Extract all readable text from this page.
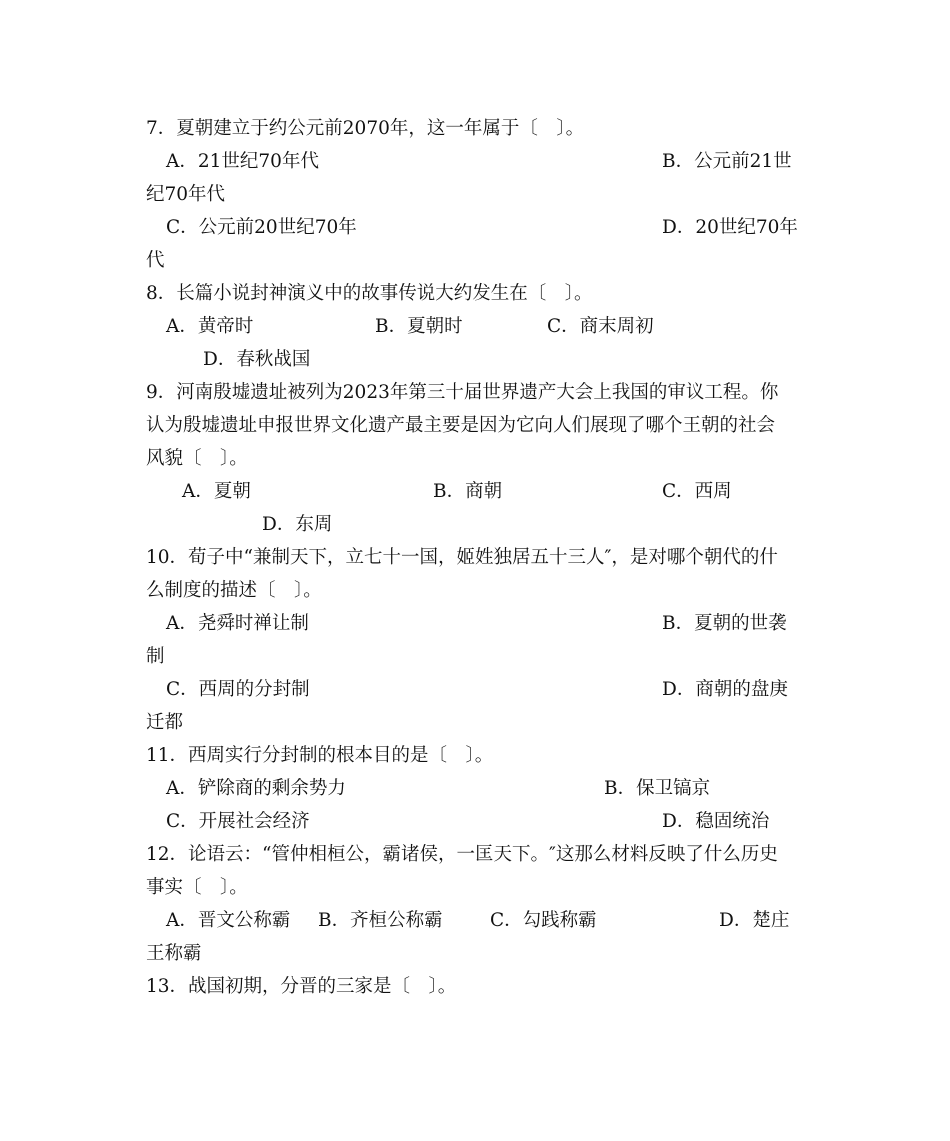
7．夏朝建立于约公元前2070年，这一年属于〔　〕。
A．21世纪70年代	B．公元前21世
纪70年代
C．公元前20世纪70年	D．20世纪70年
代
8．长篇小说封神演义中的故事传说大约发生在〔　〕。
A．黄帝时	B．夏朝时	C．商末周初
D．春秋战国
9．河南殷墟遗址被列为2023年第三十届世界遗产大会上我国的审议工程。你
认为殷墟遗址申报世界文化遗产最主要是因为它向人们展现了哪个王朝的社会
风貌〔　〕。
A．夏朝	B．商朝	C．西周
D．东周
10．荀子中“兼制天下，立七十一国，姬姓独居五十三人″，是对哪个朝代的什
么制度的描述〔　〕。
A．尧舜时禅让制	B．夏朝的世袭
制
C．西周的分封制	D．商朝的盘庚
迁都
11．西周实行分封制的根本目的是〔　〕。
A．铲除商的剩余势力	B．保卫镐京
C．开展社会经济	D．稳固统治
12．论语云：“管仲相桓公，霸诸侯，一匡天下。″这那么材料反映了什么历史
事实〔　〕。
A．晋文公称霸 B．齐桓公称霸	C．勾践称霸	D．楚庄
王称霸
13．战国初期，分晋的三家是〔　〕。
